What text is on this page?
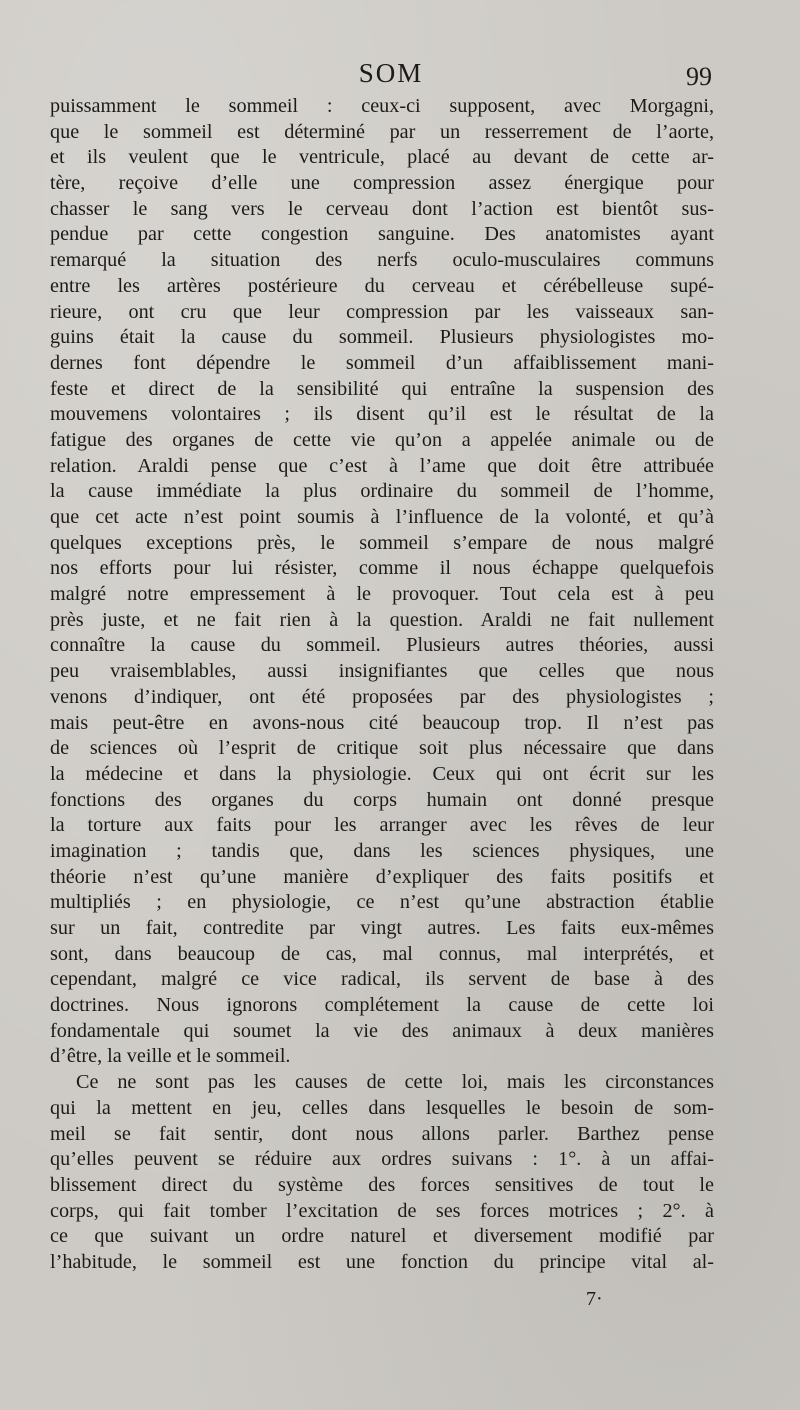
SOM	99
puissamment le sommeil : ceux-ci supposent, avec Morgagni,
que le sommeil est déterminé par un resserrement de l’aorte,
et ils veulent que le ventricule, placé au devant de cette ar-
tère, reçoive d’elle une compression assez énergique pour
chasser le sang vers le cerveau dont l’action est bientôt sus-
pendue par cette congestion sanguine. Des anatomistes ayant
remarqué la situation des nerfs oculo-musculaires communs
entre les artères postérieure du cerveau et cérébelleuse supé-
rieure, ont cru que leur compression par les vaisseaux san-
guins était la cause du sommeil. Plusieurs physiologistes mo-
dernes font dépendre le sommeil d’un affaiblissement mani-
feste et direct de la sensibilité qui entraîne la suspension des
mouvemens volontaires ; ils disent qu’il est le résultat de la
fatigue des organes de cette vie qu’on a appelée animale ou de
relation. Araldi pense que c’est à l’ame que doit être attribuée
la cause immédiate la plus ordinaire du sommeil de l’homme,
que cet acte n’est point soumis à l’influence de la volonté, et qu’à
quelques exceptions près, le sommeil s’empare de nous malgré
nos efforts pour lui résister, comme il nous échappe quelquefois
malgré notre empressement à le provoquer. Tout cela est à peu
près juste, et ne fait rien à la question. Araldi ne fait nullement
connaître la cause du sommeil. Plusieurs autres théories, aussi
peu vraisemblables, aussi insignifiantes que celles que nous
venons d’indiquer, ont été proposées par des physiologistes ;
mais peut-être en avons-nous cité beaucoup trop. Il n’est pas
de sciences où l’esprit de critique soit plus nécessaire que dans
la médecine et dans la physiologie. Ceux qui ont écrit sur les
fonctions des organes du corps humain ont donné presque
la torture aux faits pour les arranger avec les rêves de leur
imagination ; tandis que, dans les sciences physiques, une
théorie n’est qu’une manière d’expliquer des faits positifs et
multipliés ; en physiologie, ce n’est qu’une abstraction établie
sur un fait, contredite par vingt autres. Les faits eux-mêmes
sont, dans beaucoup de cas, mal connus, mal interprétés, et
cependant, malgré ce vice radical, ils servent de base à des
doctrines. Nous ignorons complétement la cause de cette loi
fondamentale qui soumet la vie des animaux à deux manières
d’être, la veille et le sommeil.
Ce ne sont pas les causes de cette loi, mais les circonstances
qui la mettent en jeu, celles dans lesquelles le besoin de som-
meil se fait sentir, dont nous allons parler. Barthez pense
qu’elles peuvent se réduire aux ordres suivans : 1°. à un affai-
blissement direct du système des forces sensitives de tout le
corps, qui fait tomber l’excitation de ses forces motrices ; 2°. à
ce que suivant un ordre naturel et diversement modifié par
l’habitude, le sommeil est une fonction du principe vital al-
7·
